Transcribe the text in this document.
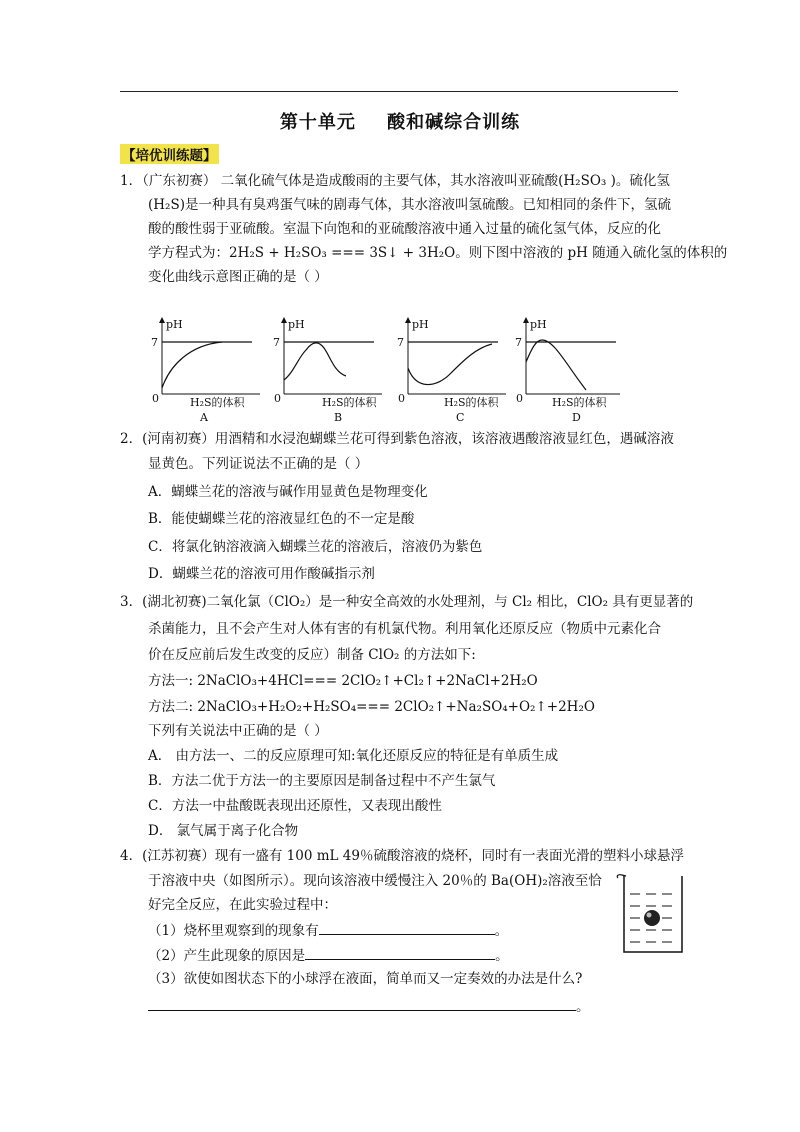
第十单元 酸和碱综合训练
【培优训练题】
1．（广东初赛） 二氧化硫气体是造成酸雨的主要气体，其水溶液叫亚硫酸(H₂SO₃ )。硫化氢
(H₂S)是一种具有臭鸡蛋气味的剧毒气体，其水溶液叫氢硫酸。已知相同的条件下，氢硫
酸的酸性弱于亚硫酸。室温下向饱和的亚硫酸溶液中通入过量的硫化氢气体，反应的化
学方程式为：2H₂S + H₂SO₃ === 3S↓ + 3H₂O。则下图中溶液的 pH 随通入硫化氢的体积的
变化曲线示意图正确的是（ ）
pH
7
0	H₂S的体积
A
pH
7
0	H₂S的体积
B
pH
7
0	H₂S的体积
C
pH
7
0	H₂S的体积
D
2．(河南初赛）用酒精和水浸泡蝴蝶兰花可得到紫色溶液，该溶液遇酸溶液显红色，遇碱溶液
显黄色。下列证说法不正确的是（ ）
A．蝴蝶兰花的溶液与碱作用显黄色是物理变化
B．能使蝴蝶兰花的溶液显红色的不一定是酸
C．将氯化钠溶液滴入蝴蝶兰花的溶液后，溶液仍为紫色
D．蝴蝶兰花的溶液可用作酸碱指示剂
3．(湖北初赛)二氧化氯（ClO₂）是一种安全高效的水处理剂，与 Cl₂ 相比，ClO₂ 具有更显著的
杀菌能力，且不会产生对人体有害的有机氯代物。利用氧化还原反应（物质中元素化合
价在反应前后发生改变的反应）制备 ClO₂ 的方法如下:
方法一: 2NaClO₃+4HCl=== 2ClO₂↑+Cl₂↑+2NaCl+2H₂O
方法二: 2NaClO₃+H₂O₂+H₂SO₄=== 2ClO₂↑+Na₂SO₄+O₂↑+2H₂O
下列有关说法中正确的是（ ）
A． 由方法一、二的反应原理可知:氧化还原反应的特征是有单质生成
B．方法二优于方法一的主要原因是制备过程中不产生氯气
C．方法一中盐酸既表现出还原性，又表现出酸性
D． 氯气属于离子化合物
4．(江苏初赛）现有一盛有 100 mL 49％硫酸溶液的烧杯，同时有一表面光滑的塑料小球悬浮
于溶液中央（如图所示）。现向该溶液中缓慢注入 20％的 Ba(OH)₂溶液至恰
好完全反应，在此实验过程中：
（1）烧杯里观察到的现象有	。
（2）产生此现象的原因是	。
（3）欲使如图状态下的小球浮在液面，简单而又一定奏效的办法是什么?
。
